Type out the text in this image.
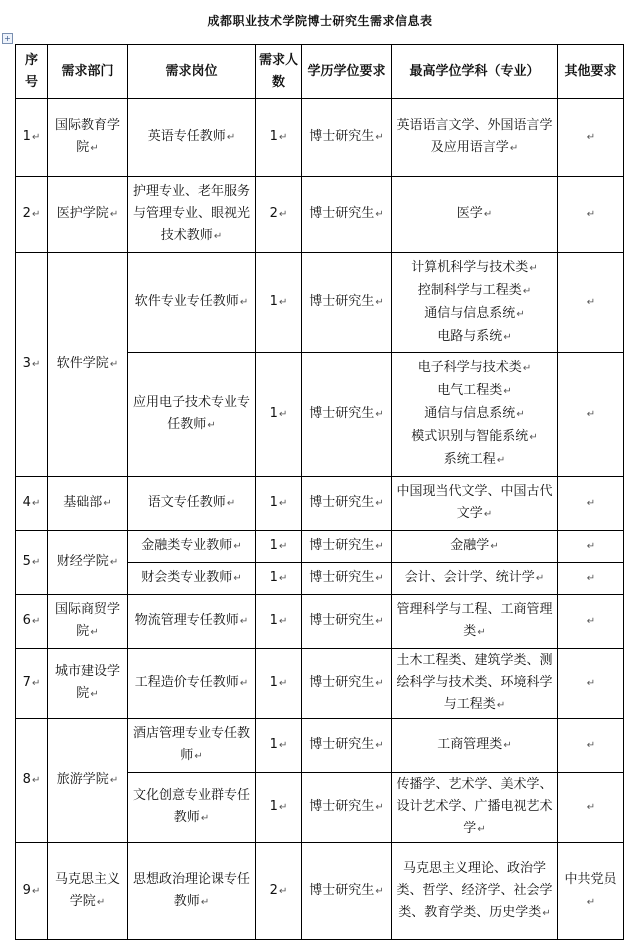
成都职业技术学院博士研究生需求信息表
+
序号	需求部门	需求岗位	需求人数	学历学位要求	最高学位学科（专业）	其他要求
1 ↵	国际教育学院 ↵	英语专任教师 ↵	1 ↵	博士研究生 ↵	英语语言文学、外国语言学及应用语言学 ↵
	↵
2 ↵	医护学院 ↵	护理专业、老年服务与管理专业、眼视光技术教师 ↵	2 ↵	博士研究生 ↵	医学 ↵
	↵
3 ↵	软件学院 ↵	软件专业专任教师 ↵	1 ↵	博士研究生 ↵	计算机科学与技术类 ↵
控制科学与工程类 ↵
通信与信息系统 ↵
电路与系统 ↵
	↵
		应用电子技术专业专任教师 ↵	1 ↵	博士研究生 ↵	电子科学与技术类 ↵
电气工程类 ↵
通信与信息系统 ↵
模式识别与智能系统 ↵
系统工程 ↵
	↵
4 ↵	基础部 ↵	语文专任教师 ↵	1 ↵	博士研究生 ↵	中国现当代文学、中国古代文学 ↵
	↵
5 ↵	财经学院 ↵	金融类专业教师 ↵	1 ↵	博士研究生 ↵	金融学 ↵
	↵
		财会类专业教师 ↵	1 ↵	博士研究生 ↵	会计、会计学、统计学 ↵
	↵
6 ↵	国际商贸学院 ↵	物流管理专任教师 ↵	1 ↵	博士研究生 ↵	管理科学与工程、工商管理类 ↵
	↵
7 ↵	城市建设学院 ↵	工程造价专任教师 ↵	1 ↵	博士研究生 ↵	土木工程类、建筑学类、测绘科学与技术类、环境科学与工程类 ↵
	↵
8 ↵	旅游学院 ↵	酒店管理专业专任教师 ↵	1 ↵	博士研究生 ↵	工商管理类 ↵
	↵
		文化创意专业群专任教师 ↵	1 ↵	博士研究生 ↵	传播学、艺术学、美术学、设计艺术学、广播电视艺术学 ↵
	↵
9 ↵	马克思主义学院 ↵	思想政治理论课专任教师 ↵	2 ↵	博士研究生 ↵	马克思主义理论、政治学类、哲学、经济学、社会学类、教育学类、历史学类 ↵	中共党员 ↵
